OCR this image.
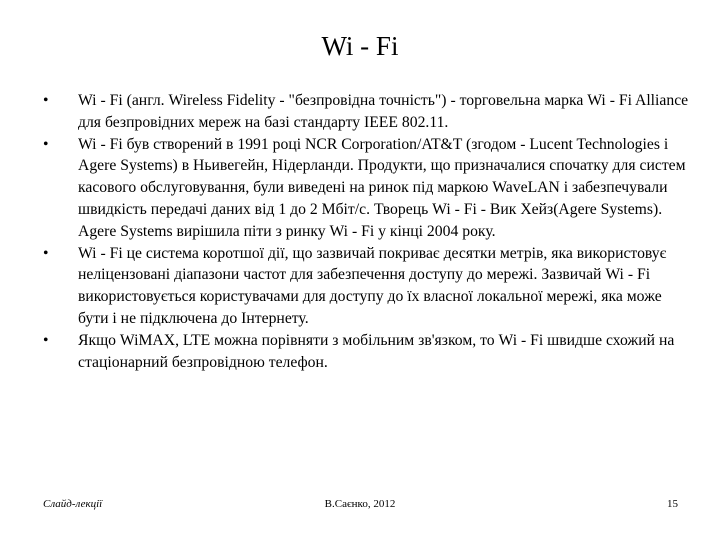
Wi - Fi
•	Wi - Fi (англ. Wireless Fidelity - "безпровідна точність") - торговельна марка Wi - Fi Alliance для безпровідних мереж на базі стандарту IEEE 802.11.
•	Wi - Fi був створений в 1991 році NCR Corporation/AT&T (згодом - Lucent Technologies і Agere Systems) в Ньивегейн, Нідерланди. Продукти, що призначалися спочатку для систем касового обслуговування, були виведені на ринок під маркою WaveLAN і забезпечували швидкість передачі даних від 1 до 2 Мбіт/с. Творець Wi - Fi - Вик Хейз(Agere Systems). Agere Systems вирішила піти з ринку Wi - Fi у кінці 2004 року.
•	Wi - Fi це система коротшої дії, що зазвичай покриває десятки метрів, яка використовує неліцензовані діапазони частот для забезпечення доступу до мережі. Зазвичай Wi - Fi використовується користувачами для доступу до їх власної локальної мережі, яка може бути і не підключена до Інтернету.
•	Якщо WiMAX, LTE можна порівняти з мобільним зв'язком, то Wi - Fi швидше схожий на стаціонарний безпровідною телефон.
Слайд-лекції	В.Саєнко, 2012	15
